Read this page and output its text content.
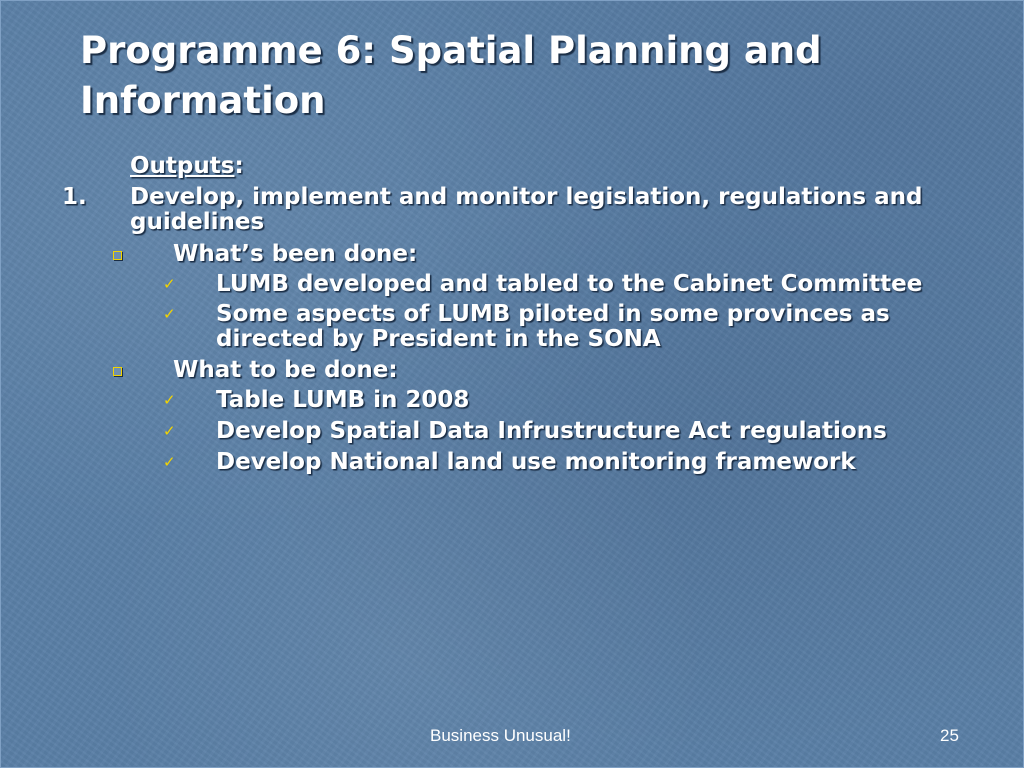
Programme 6: Spatial Planning and Information
Outputs:
1. Develop, implement and monitor legislation, regulations and
guidelines
What’s been done:
✓ LUMB developed and tabled to the Cabinet Committee
✓ Some aspects of LUMB piloted in some provinces as
directed by President in the SONA
What to be done:
✓ Table LUMB in 2008
✓ Develop Spatial Data Infrustructure Act regulations
✓ Develop National land use monitoring framework
Business Unusual!	25
